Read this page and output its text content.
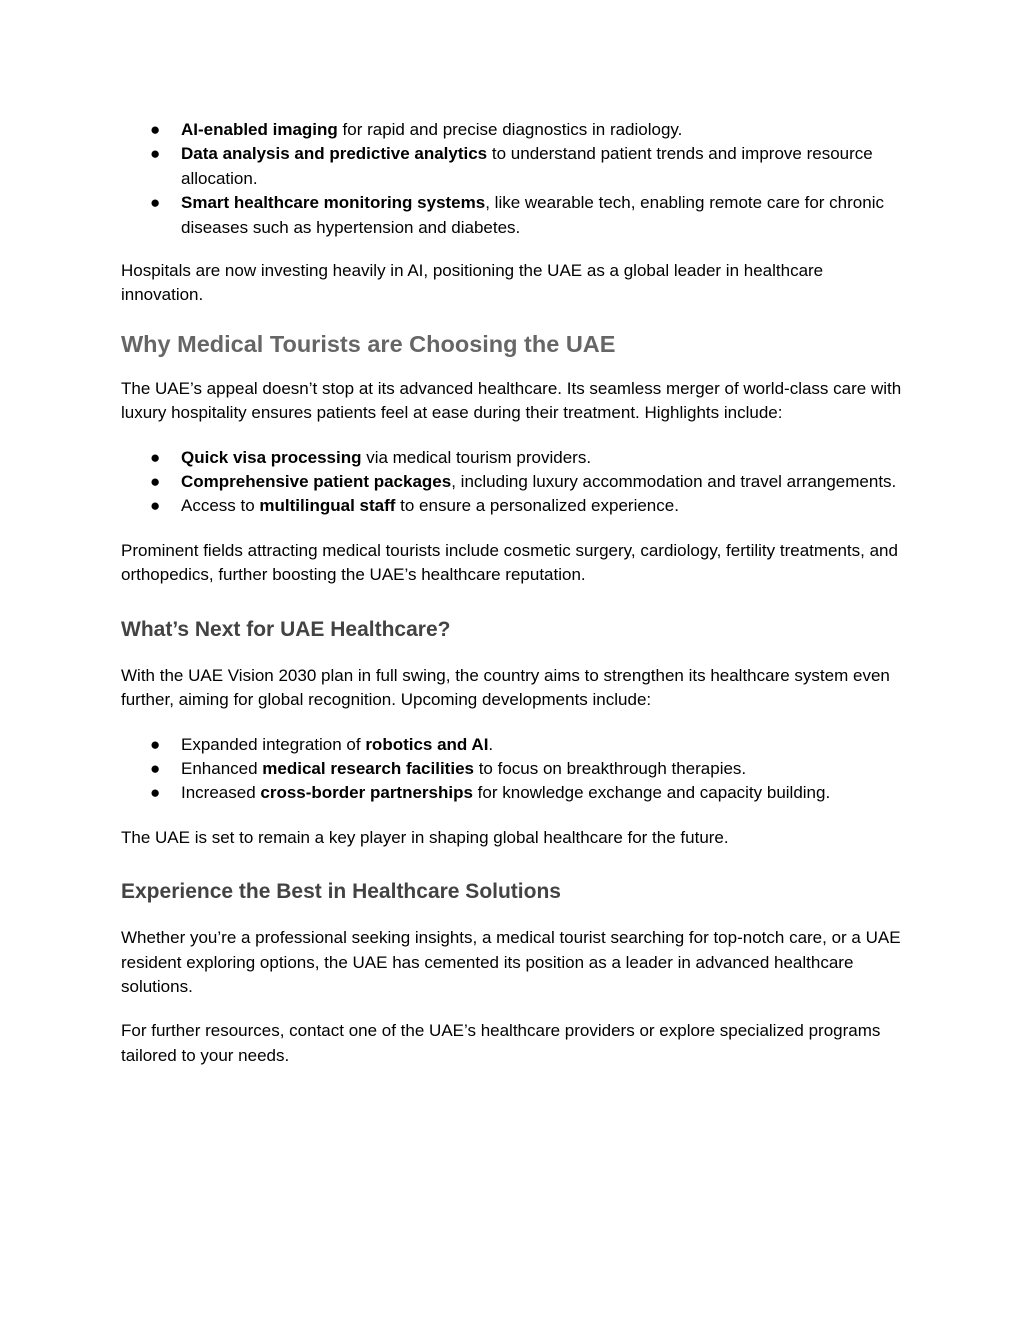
● AI-enabled imaging for rapid and precise diagnostics in radiology.
● Data analysis and predictive analytics to understand patient trends and improve resource allocation.
● Smart healthcare monitoring systems, like wearable tech, enabling remote care for chronic diseases such as hypertension and diabetes.

Hospitals are now investing heavily in AI, positioning the UAE as a global leader in healthcare innovation.

Why Medical Tourists are Choosing the UAE

The UAE’s appeal doesn’t stop at its advanced healthcare. Its seamless merger of world-class care with luxury hospitality ensures patients feel at ease during their treatment. Highlights include:

● Quick visa processing via medical tourism providers.
● Comprehensive patient packages, including luxury accommodation and travel arrangements.
● Access to multilingual staff to ensure a personalized experience.

Prominent fields attracting medical tourists include cosmetic surgery, cardiology, fertility treatments, and orthopedics, further boosting the UAE’s healthcare reputation.

What’s Next for UAE Healthcare?

With the UAE Vision 2030 plan in full swing, the country aims to strengthen its healthcare system even further, aiming for global recognition. Upcoming developments include:

● Expanded integration of robotics and AI.
● Enhanced medical research facilities to focus on breakthrough therapies.
● Increased cross-border partnerships for knowledge exchange and capacity building.

The UAE is set to remain a key player in shaping global healthcare for the future.

Experience the Best in Healthcare Solutions

Whether you’re a professional seeking insights, a medical tourist searching for top-notch care, or a UAE resident exploring options, the UAE has cemented its position as a leader in advanced healthcare solutions.

For further resources, contact one of the UAE’s healthcare providers or explore specialized programs tailored to your needs.
